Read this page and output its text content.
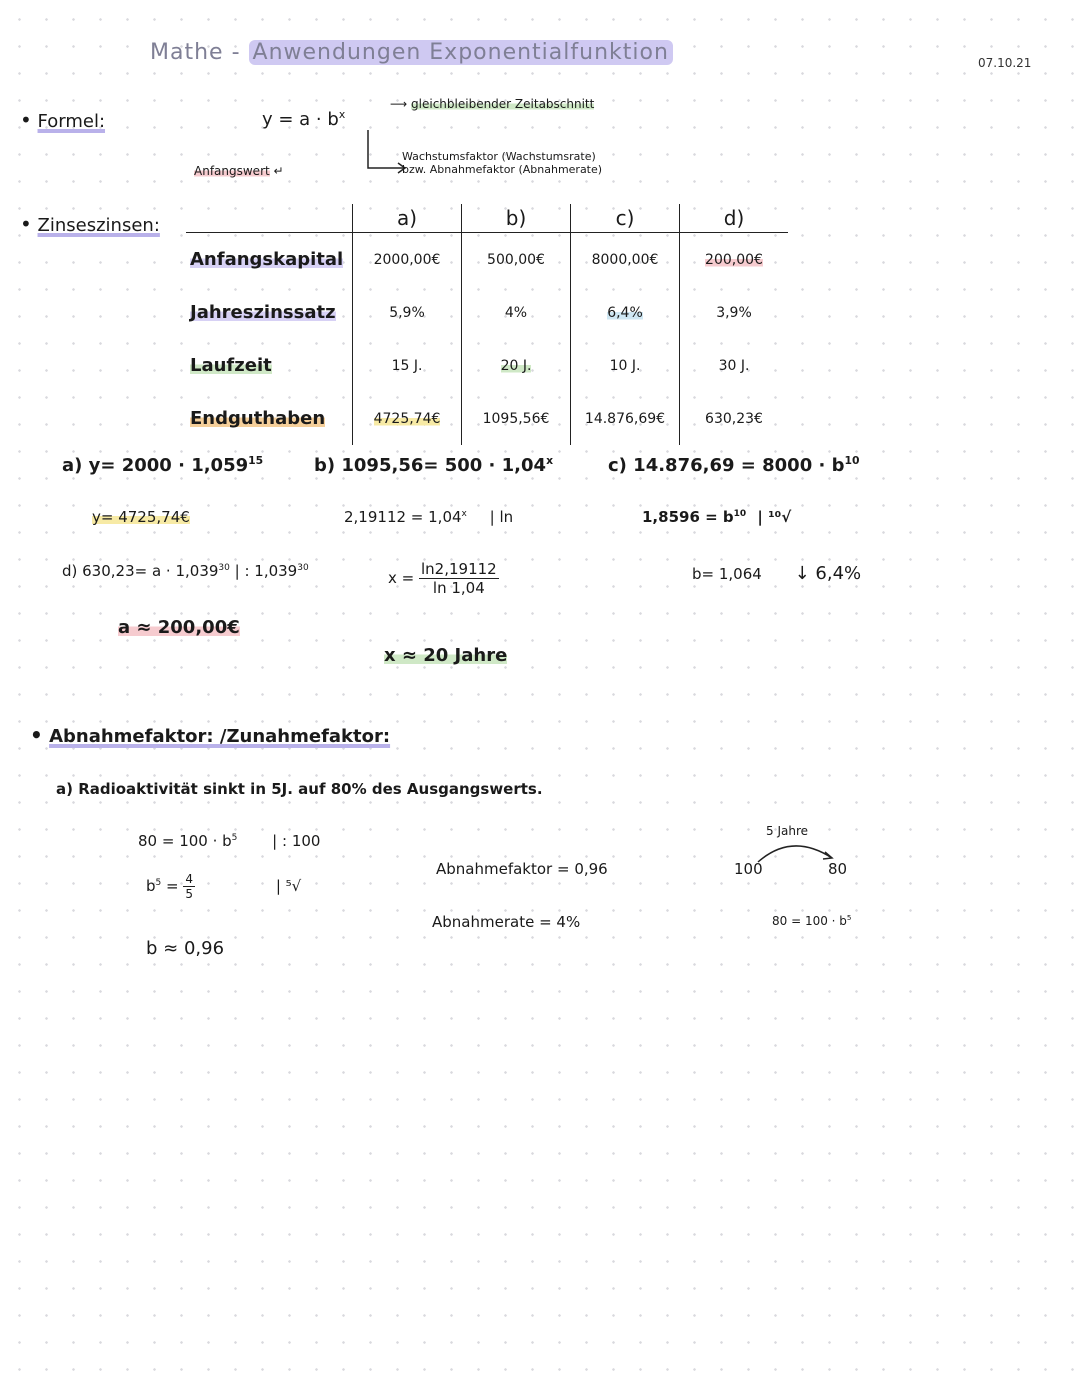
Mathe - Anwendungen Exponentialfunktion	07.10.21
• Formel:	$y = a \cdot b^x$
⟶ gleichbleibender Zeitabschnitt
Anfangswert ↵
Wachstumsfaktor (Wachstumsrate)
bzw. Abnahmefaktor (Abnahmerate)
• Zinseszinsen:
		a)	b)	c)	d)
Anfangskapital	2000,00€	500,00€	8000,00€	200,00€
Jahreszinssatz	5,9%	4%	6,4%	3,9%
Laufzeit	15 J.	20 J.	10 J.	30 J.
Endguthaben	4725,74€	1095,56€	14.876,69€	630,23€
a) $y= 2000 \cdot 1,059^{15}$
y= 4725,74€
b) $1095,56= 500 \cdot 1,04^x$
$2,19112 = 1,04^x$ | ln
$x = \frac{\ln 2,19112}{\ln 1,04}$
x ≈ 20 Jahre
c) $14.876,69 = 8000 \cdot b^{10}$
$1,8596 = b^{10}$ | ¹⁰√
b= 1,064 ↓ 6,4%
d) $630,23= a \cdot 1,039^{30}$ | : 1,039$^{30}$
a ≈ 200,00€
• Abnahmefaktor: /Zunahmefaktor:
a) Radioaktivität sinkt in 5J. auf 80% des Ausgangswerts.
$80 = 100 \cdot b^5$ | : 100
$b^5 = \frac{4}{5}$	| ⁵√
b ≈ 0,96
Abnahmefaktor = 0,96
Abnahmerate = 4%
5 Jahre
100	80
$80 = 100 \cdot b^5$
